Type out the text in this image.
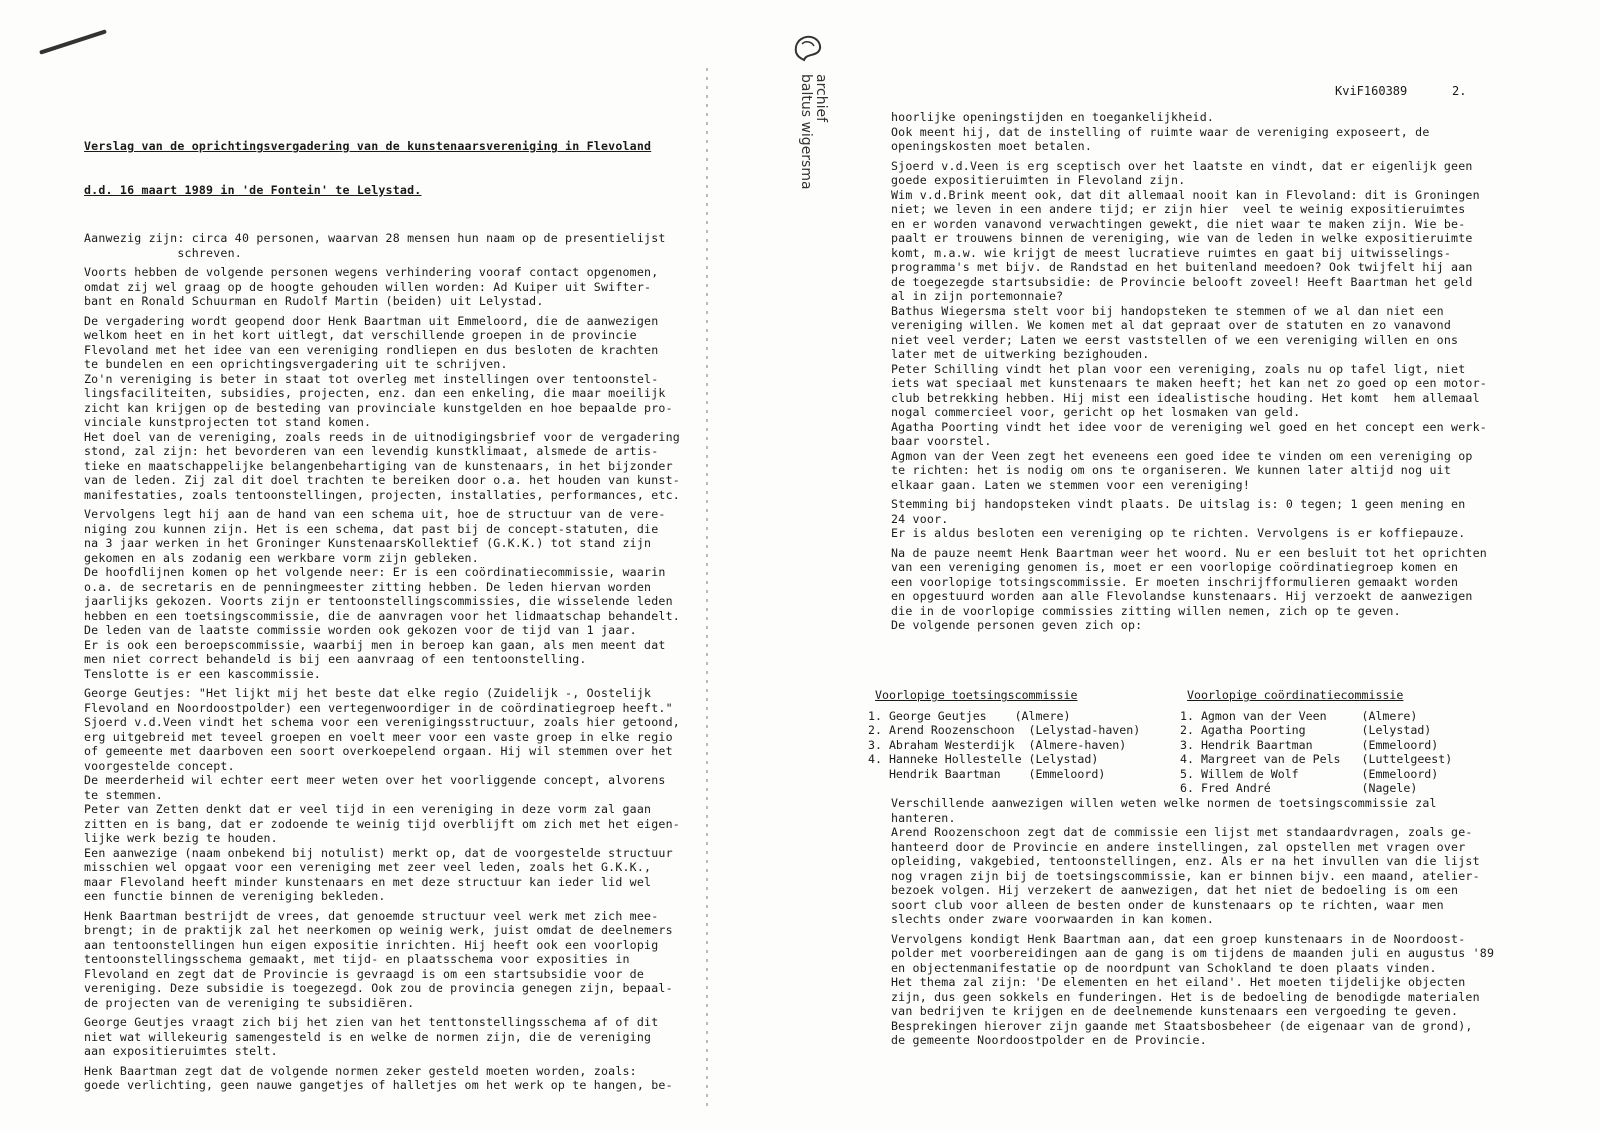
archief
baltus wigersma	KviF160389	2.

Verslag van de oprichtingsvergadering van de kunstenaarsvereniging in Flevoland

d.d. 16 maart 1989 in 'de Fontein' te Lelystad.

Aanwezig zijn: circa 40 personen, waarvan 28 mensen hun naam op de presentielijst
schreven.
Voorts hebben de volgende personen wegens verhindering vooraf contact opgenomen,
omdat zij wel graag op de hoogte gehouden willen worden: Ad Kuiper uit Swifter-
bant en Ronald Schuurman en Rudolf Martin (beiden) uit Lelystad.
De vergadering wordt geopend door Henk Baartman uit Emmeloord, die de aanwezigen
welkom heet en in het kort uitlegt, dat verschillende groepen in de provincie
Flevoland met het idee van een vereniging rondliepen en dus besloten de krachten
te bundelen en een oprichtingsvergadering uit te schrijven.
Zo'n vereniging is beter in staat tot overleg met instellingen over tentoonstel-
lingsfaciliteiten, subsidies, projecten, enz. dan een enkeling, die maar moeilijk
zicht kan krijgen op de besteding van provinciale kunstgelden en hoe bepaalde pro-
vinciale kunstprojecten tot stand komen.
Het doel van de vereniging, zoals reeds in de uitnodigingsbrief voor de vergadering
stond, zal zijn: het bevorderen van een levendig kunstklimaat, alsmede de artis-
tieke en maatschappelijke belangenbehartiging van de kunstenaars, in het bijzonder
van de leden. Zij zal dit doel trachten te bereiken door o.a. het houden van kunst-
manifestaties, zoals tentoonstellingen, projecten, installaties, performances, etc.
Vervolgens legt hij aan de hand van een schema uit, hoe de structuur van de vere-
niging zou kunnen zijn. Het is een schema, dat past bij de concept-statuten, die
na 3 jaar werken in het Groninger KunstenaarsKollektief (G.K.K.) tot stand zijn
gekomen en als zodanig een werkbare vorm zijn gebleken.
De hoofdlijnen komen op het volgende neer: Er is een coördinatiecommissie, waarin
o.a. de secretaris en de penningmeester zitting hebben. De leden hiervan worden
jaarlijks gekozen. Voorts zijn er tentoonstellingscommissies, die wisselende leden
hebben en een toetsingscommissie, die de aanvragen voor het lidmaatschap behandelt.
De leden van de laatste commissie worden ook gekozen voor de tijd van 1 jaar.
Er is ook een beroepscommissie, waarbij men in beroep kan gaan, als men meent dat
men niet correct behandeld is bij een aanvraag of een tentoonstelling.
Tenslotte is er een kascommissie.
George Geutjes: "Het lijkt mij het beste dat elke regio (Zuidelijk -, Oostelijk
Flevoland en Noordoostpolder) een vertegenwoordiger in de coördinatiegroep heeft."
Sjoerd v.d.Veen vindt het schema voor een verenigingsstructuur, zoals hier getoond,
erg uitgebreid met teveel groepen en voelt meer voor een vaste groep in elke regio
of gemeente met daarboven een soort overkoepelend orgaan. Hij wil stemmen over het
voorgestelde concept.
De meerderheid wil echter eert meer weten over het voorliggende concept, alvorens
te stemmen.
Peter van Zetten denkt dat er veel tijd in een vereniging in deze vorm zal gaan
zitten en is bang, dat er zodoende te weinig tijd overblijft om zich met het eigen-
lijke werk bezig te houden.
Een aanwezige (naam onbekend bij notulist) merkt op, dat de voorgestelde structuur
misschien wel opgaat voor een vereniging met zeer veel leden, zoals het G.K.K.,
maar Flevoland heeft minder kunstenaars en met deze structuur kan ieder lid wel
een functie binnen de vereniging bekleden.
Henk Baartman bestrijdt de vrees, dat genoemde structuur veel werk met zich mee-
brengt; in de praktijk zal het neerkomen op weinig werk, juist omdat de deelnemers
aan tentoonstellingen hun eigen expositie inrichten. Hij heeft ook een voorlopig
tentoonstellingsschema gemaakt, met tijd- en plaatsschema voor exposities in
Flevoland en zegt dat de Provincie is gevraagd is om een startsubsidie voor de
vereniging. Deze subsidie is toegezegd. Ook zou de provincia genegen zijn, bepaal-
de projecten van de vereniging te subsidiëren.
George Geutjes vraagt zich bij het zien van het tenttonstellingsschema af of dit
niet wat willekeurig samengesteld is en welke de normen zijn, die de vereniging
aan expositieruimtes stelt.
Henk Baartman zegt dat de volgende normen zeker gesteld moeten worden, zoals:
goede verlichting, geen nauwe gangetjes of halletjes om het werk op te hangen, be-
hoorlijke openingstijden en toegankelijkheid.
Ook meent hij, dat de instelling of ruimte waar de vereniging exposeert, de
openingskosten moet betalen.
Sjoerd v.d.Veen is erg sceptisch over het laatste en vindt, dat er eigenlijk geen
goede expositieruimten in Flevoland zijn.
Wim v.d.Brink meent ook, dat dit allemaal nooit kan in Flevoland: dit is Groningen
niet; we leven in een andere tijd; er zijn hier  veel te weinig expositieruimtes
en er worden vanavond verwachtingen gewekt, die niet waar te maken zijn. Wie be-
paalt er trouwens binnen de vereniging, wie van de leden in welke expositieruimte
komt, m.a.w. wie krijgt de meest lucratieve ruimtes en gaat bij uitwisselings-
programma's met bijv. de Randstad en het buitenland meedoen? Ook twijfelt hij aan
de toegezegde startsubsidie: de Provincie belooft zoveel! Heeft Baartman het geld
al in zijn portemonnaie?
Bathus Wiegersma stelt voor bij handopsteken te stemmen of we al dan niet een
vereniging willen. We komen met al dat gepraat over de statuten en zo vanavond
niet veel verder; Laten we eerst vaststellen of we een vereniging willen en ons
later met de uitwerking bezighouden.
Peter Schilling vindt het plan voor een vereniging, zoals nu op tafel ligt, niet
iets wat speciaal met kunstenaars te maken heeft; het kan net zo goed op een motor-
club betrekking hebben. Hij mist een idealistische houding. Het komt  hem allemaal
nogal commercieel voor, gericht op het losmaken van geld.
Agatha Poorting vindt het idee voor de vereniging wel goed en het concept een werk-
baar voorstel.
Agmon van der Veen zegt het eveneens een goed idee te vinden om een vereniging op
te richten: het is nodig om ons te organiseren. We kunnen later altijd nog uit
elkaar gaan. Laten we stemmen voor een vereniging!
Stemming bij handopsteken vindt plaats. De uitslag is: 0 tegen; 1 geen mening en
24 voor.
Er is aldus besloten een vereniging op te richten. Vervolgens is er koffiepauze.
Na de pauze neemt Henk Baartman weer het woord. Nu er een besluit tot het oprichten
van een vereniging genomen is, moet er een voorlopige coördinatiegroep komen en
een voorlopige totsingscommissie. Er moeten inschrijfformulieren gemaakt worden
en opgestuurd worden aan alle Flevolandse kunstenaars. Hij verzoekt de aanwezigen
die in de voorlopige commissies zitting willen nemen, zich op te geven.
De volgende personen geven zich op:
Voorlopige toetsingscommissie
1. George Geutjes    (Almere)
2. Arend Roozenschoon  (Lelystad-haven)
3. Abraham Westerdijk  (Almere-haven)
4. Hanneke Hollestelle (Lelystad)
Hendrik Baartman    (Emmeloord)
Voorlopige coördinatiecommissie
1. Agmon van der Veen     (Almere)
2. Agatha Poorting        (Lelystad)
3. Hendrik Baartman       (Emmeloord)
4. Margreet van de Pels   (Luttelgeest)
5. Willem de Wolf         (Emmeloord)
6. Fred André             (Nagele)
Verschillende aanwezigen willen weten welke normen de toetsingscommissie zal
hanteren.
Arend Roozenschoon zegt dat de commissie een lijst met standaardvragen, zoals ge-
hanteerd door de Provincie en andere instellingen, zal opstellen met vragen over
opleiding, vakgebied, tentoonstellingen, enz. Als er na het invullen van die lijst
nog vragen zijn bij de toetsingscommissie, kan er binnen bijv. een maand, atelier-
bezoek volgen. Hij verzekert de aanwezigen, dat het niet de bedoeling is om een
soort club voor alleen de besten onder de kunstenaars op te richten, waar men
slechts onder zware voorwaarden in kan komen.
Vervolgens kondigt Henk Baartman aan, dat een groep kunstenaars in de Noordoost-
polder met voorbereidingen aan de gang is om tijdens de maanden juli en augustus '89
en objectenmanifestatie op de noordpunt van Schokland te doen plaats vinden.
Het thema zal zijn: 'De elementen en het eiland'. Het moeten tijdelijke objecten
zijn, dus geen sokkels en funderingen. Het is de bedoeling de benodigde materialen
van bedrijven te krijgen en de deelnemende kunstenaars een vergoeding te geven.
Besprekingen hierover zijn gaande met Staatsbosbeheer (de eigenaar van de grond),
de gemeente Noordoostpolder en de Provincie.
